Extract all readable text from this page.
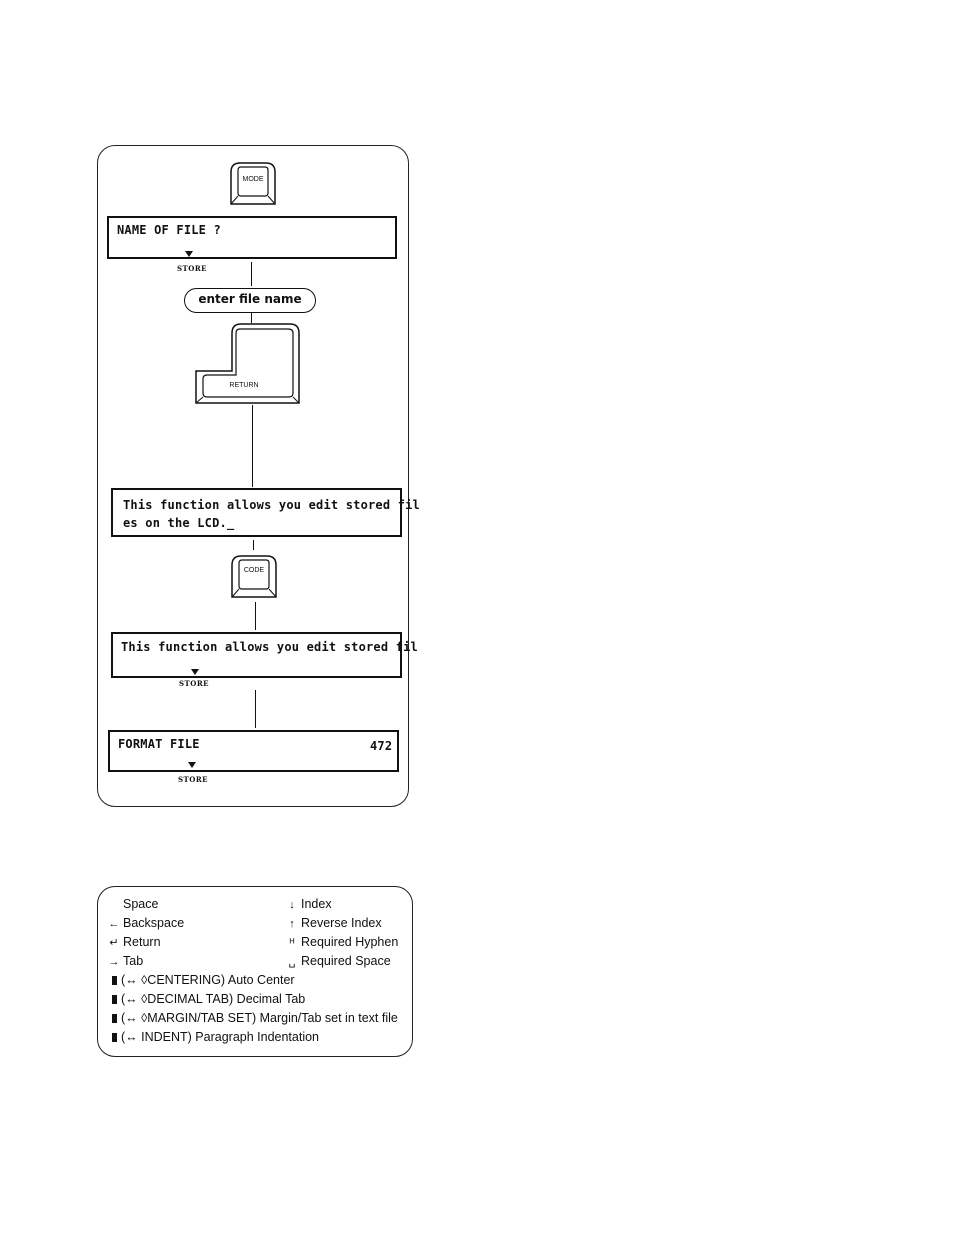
MODE
NAME OF FILE ?
STORE
enter file name
RETURN
This function allows you edit stored fil
es on the LCD._
CODE
This function allows you edit stored fil
STORE
FORMAT FILE	472
STORE
Space
← Backspace
↵ Return
→ Tab
↓ Index
↑ Reverse Index
ᴴ Required Hyphen
␣ Required Space
(↔ ◊CENTERING) Auto Center
(↔ ◊DECIMAL TAB) Decimal Tab
(↔ ◊MARGIN/TAB SET) Margin/Tab set in text file
(↔ INDENT) Paragraph Indentation
